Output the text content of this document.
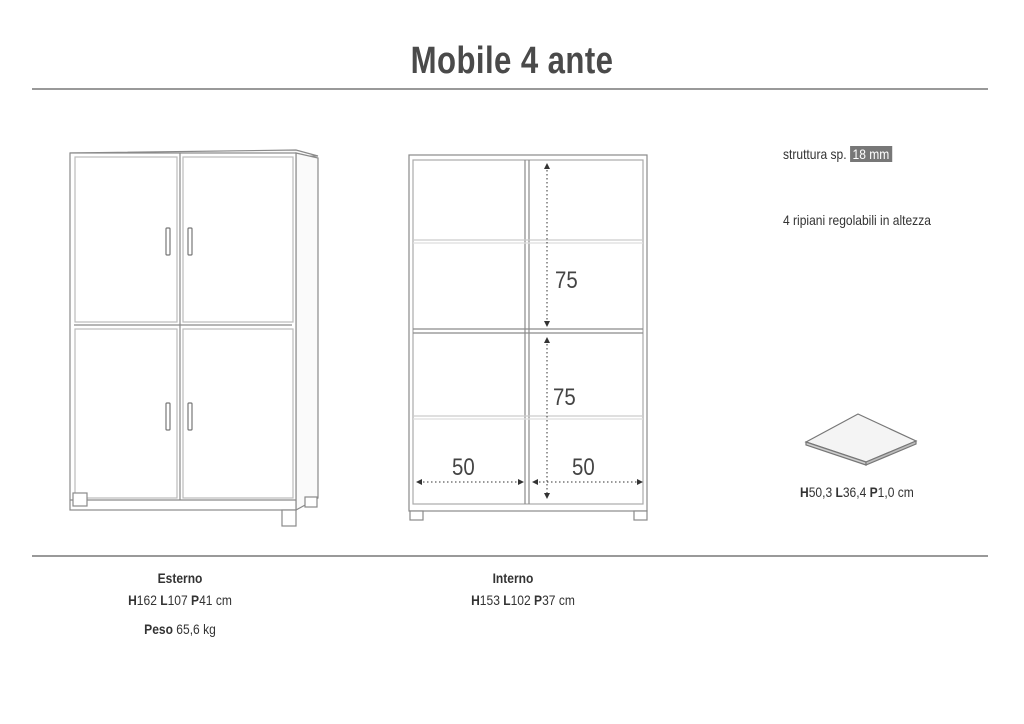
Mobile 4 ante
75
75
50	50
struttura sp. 18 mm
4 ripiani regolabili in altezza
H50,3 L36,4 P1,0 cm
Esterno
H162 L107 P41 cm
Peso 65,6 kg
Interno
H153 L102 P37 cm
